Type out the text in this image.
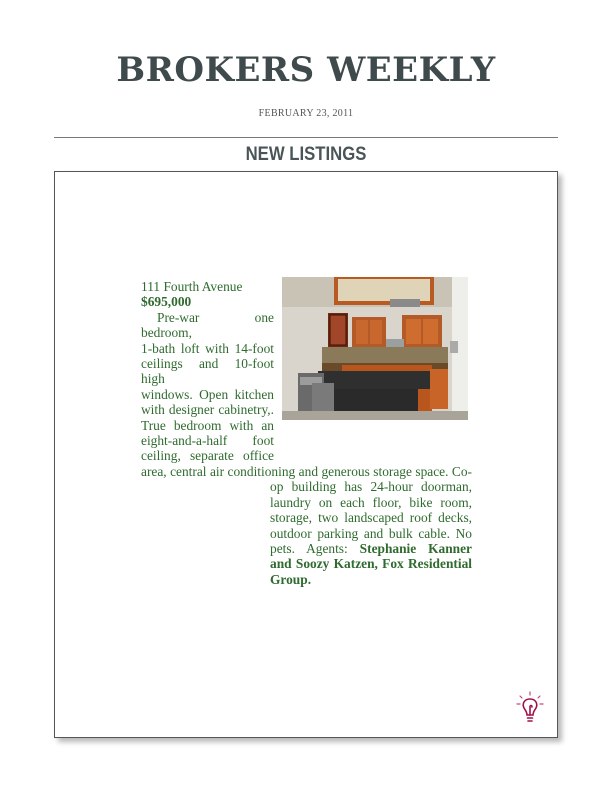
BROKERS WEEKLY
FEBRUARY 23, 2011
NEW LISTINGS
111 Fourth Avenue
$695,000

Pre-war one bedroom,

1-bath loft with 14-foot

ceilings and 10-foot high

windows. Open kitchen

with designer cabinetry,.

True bedroom with an

eight-and-a-half foot

ceiling, separate office

area, central air conditioning and generous storage space. Co-

op building has 24-hour doorman,

laundry on each floor, bike room,

storage, two landscaped roof decks,

outdoor parking and bulk cable. No

pets. Agents: Stephanie Kanner

and Soozy Katzen, Fox Residential

Group.
